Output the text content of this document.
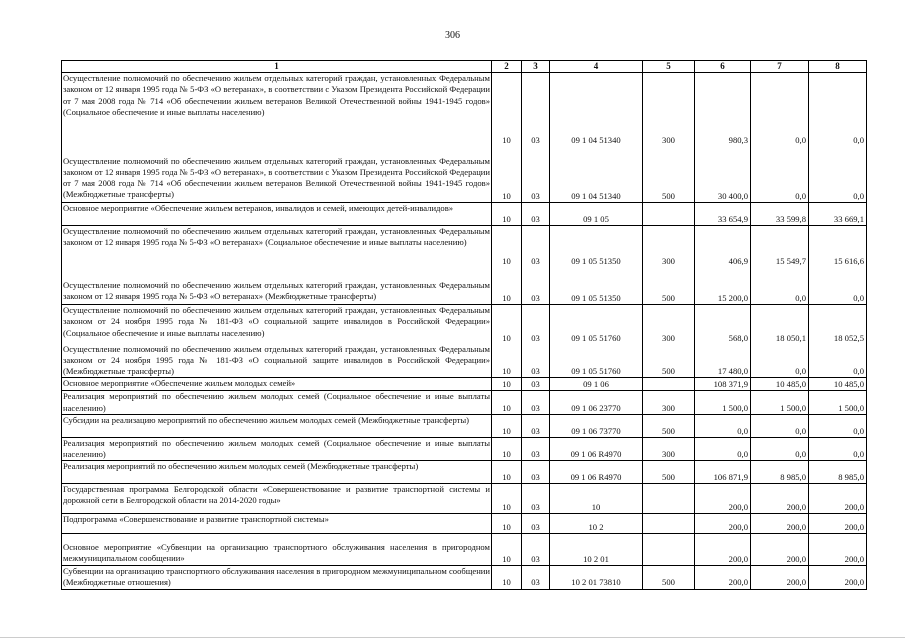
306
1	2	3	4	5	6	7	8
Осуществление полномочий по обеспечению жильем отдельных категорий граждан, установленных Федеральным законом от 12 января 1995 года № 5-ФЗ «О ветеранах», в соответствии с Указом Президента Российской Федерации от 7 мая 2008 года № 714 «Об обеспечении жильем ветеранов Великой Отечественной войны 1941-1945 годов» (Социальное обеспечение и иные выплаты населению)	10	03	09 1 04 51340	300	980,3	0,0	0,0
Осуществление полномочий по обеспечению жильем отдельных категорий граждан, установленных Федеральным законом от 12 января 1995 года № 5-ФЗ «О ветеранах», в соответствии с Указом Президента Российской Федерации от 7 мая 2008 года № 714 «Об обеспечении жильем ветеранов Великой Отечественной войны 1941-1945 годов» (Межбюджетные трансферты)	10	03	09 1 04 51340	500	30 400,0	0,0	0,0
Основное мероприятие «Обеспечение жильем ветеранов, инвалидов и семей, имеющих детей-инвалидов»	10	03	09 1 05		33 654,9	33 599,8	33 669,1
Осуществление полномочий по обеспечению жильем отдельных категорий граждан, установленных Федеральным законом от 12 января 1995 года № 5-ФЗ «О ветеранах» (Социальное обеспечение и иные выплаты населению)	10	03	09 1 05 51350	300	406,9	15 549,7	15 616,6
Осуществление полномочий по обеспечению жильем отдельных категорий граждан, установленных Федеральным законом от 12 января 1995 года № 5-ФЗ «О ветеранах» (Межбюджетные трансферты)	10	03	09 1 05 51350	500	15 200,0	0,0	0,0
Осуществление полномочий по обеспечению жильем отдельных категорий граждан, установленных Федеральным законом от 24 ноября 1995 года № 181-ФЗ «О социальной защите инвалидов в Российской Федерации» (Социальное обеспечение и иные выплаты населению)	10	03	09 1 05 51760	300	568,0	18 050,1	18 052,5
Осуществление полномочий по обеспечению жильем отдельных категорий граждан, установленных Федеральным законом от 24 ноября 1995 года № 181-ФЗ «О социальной защите инвалидов в Российской Федерации» (Межбюджетные трансферты)	10	03	09 1 05 51760	500	17 480,0	0,0	0,0
Основное мероприятие «Обеспечение жильем молодых семей»	10	03	09 1 06		108 371,9	10 485,0	10 485,0
Реализация мероприятий по обеспечению жильем молодых семей (Социальное обеспечение и иные выплаты населению)	10	03	09 1 06 23770	300	1 500,0	1 500,0	1 500,0
Субсидии на реализацию мероприятий по обеспечению жильем молодых семей (Межбюджетные трансферты)	10	03	09 1 06 73770	500	0,0	0,0	0,0
Реализация мероприятий по обеспечению жильем молодых семей (Социальное обеспечение и иные выплаты населению)	10	03	09 1 06 R4970	300	0,0	0,0	0,0
Реализация мероприятий по обеспечению жильем молодых семей (Межбюджетные трансферты)	10	03	09 1 06 R4970	500	106 871,9	8 985,0	8 985,0
Государственная программа Белгородской области «Совершенствование и развитие транспортной системы и дорожной сети в Белгородской области на 2014-2020 годы»	10	03	10		200,0	200,0	200,0
Подпрограмма «Совершенствование и развитие транспортной системы»	10	03	10 2		200,0	200,0	200,0
Основное мероприятие «Субвенции на организацию транспортного обслуживания населения в пригородном межмуниципальном сообщении»	10	03	10 2 01		200,0	200,0	200,0
Субвенции на организацию транспортного обслуживания населения в пригородном межмуниципальном сообщении (Межбюджетные отношения)	10	03	10 2 01 73810	500	200,0	200,0	200,0
